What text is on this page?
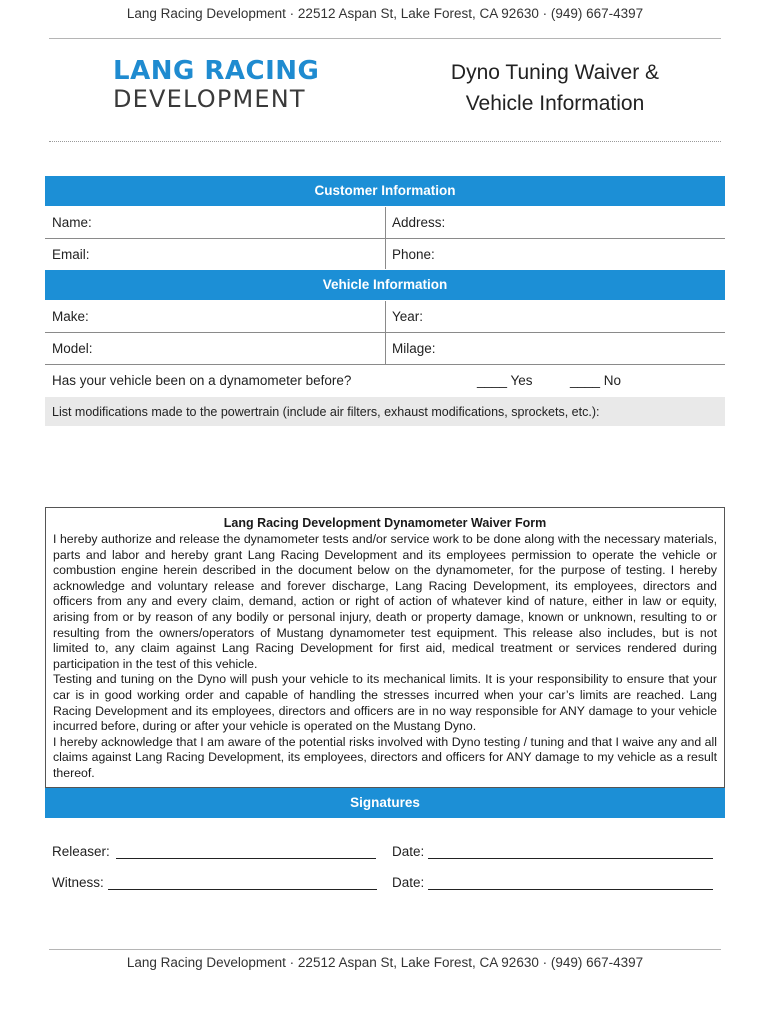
Lang Racing Development · 22512 Aspan St, Lake Forest, CA 92630 · (949) 667-4397
LANG RACING
DEVELOPMENT
Dyno Tuning Waiver &
Vehicle Information
Customer Information
Name:	Address:
Email:	Phone:
Vehicle Information
Make:	Year:
Model:	Milage:
Has your vehicle been on a dynamometer before?	____ Yes	____ No
List modifications made to the powertrain (include air filters, exhaust modifications, sprockets, etc.):
Lang Racing Development Dynamometer Waiver Form

I hereby authorize and release the dynamometer tests and/or service work to be done along with the necessary materials, parts and labor and hereby grant Lang Racing Development and its employees permission to operate the vehicle or combustion engine herein described in the document below on the dynamometer, for the purpose of testing. I hereby acknowledge and voluntary release and forever discharge, Lang Racing Development, its employees, directors and officers from any and every claim, demand, action or right of action of whatever kind of nature, either in law or equity, arising from or by reason of any bodily or personal injury, death or property damage, known or unknown, resulting to or resulting from the owners/operators of Mustang dynamometer test equipment. This release also includes, but is not limited to, any claim against Lang Racing Development for first aid, medical treatment or services rendered during participation in the test of this vehicle.

Testing and tuning on the Dyno will push your vehicle to its mechanical limits. It is your responsibility to ensure that your car is in good working order and capable of handling the stresses incurred when your car’s limits are reached. Lang Racing Development and its employees, directors and officers are in no way responsible for ANY damage to your vehicle incurred before, during or after your vehicle is operated on the Mustang Dyno.

I hereby acknowledge that I am aware of the potential risks involved with Dyno testing / tuning and that I waive any and all claims against Lang Racing Development, its employees, directors and officers for ANY damage to my vehicle as a result thereof.

Signatures
Releaser:	Date:
Witness:	Date:
Lang Racing Development · 22512 Aspan St, Lake Forest, CA 92630 · (949) 667-4397
